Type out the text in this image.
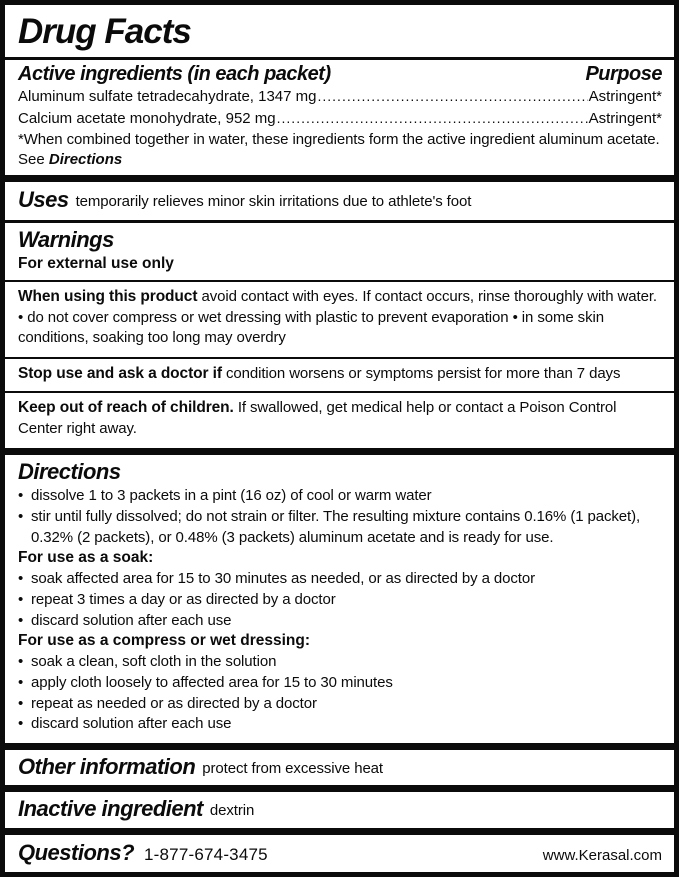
Drug Facts
Active ingredients (in each packet)	Purpose
Aluminum sulfate tetradecahydrate, 1347 mg .....	Astringent*
Calcium acetate monohydrate, 952 mg .....	Astringent*
*When combined together in water, these ingredients form the active ingredient aluminum acetate.
See Directions
Uses temporarily relieves minor skin irritations due to athlete's foot
Warnings
For external use only
When using this product avoid contact with eyes. If contact occurs, rinse thoroughly with water. • do not cover compress or wet dressing with plastic to prevent evaporation • in some skin conditions, soaking too long may overdry
Stop use and ask a doctor if condition worsens or symptoms persist for more than 7 days
Keep out of reach of children. If swallowed, get medical help or contact a Poison Control Center right away.
Directions
• dissolve 1 to 3 packets in a pint (16 oz) of cool or warm water
• stir until fully dissolved; do not strain or filter. The resulting mixture contains 0.16% (1 packet), 0.32% (2 packets), or 0.48% (3 packets) aluminum acetate and is ready for use.
For use as a soak:
• soak affected area for 15 to 30 minutes as needed, or as directed by a doctor
• repeat 3 times a day or as directed by a doctor
• discard solution after each use
For use as a compress or wet dressing:
• soak a clean, soft cloth in the solution
• apply cloth loosely to affected area for 15 to 30 minutes
• repeat as needed or as directed by a doctor
• discard solution after each use
Other information protect from excessive heat
Inactive ingredient dextrin
Questions? 1-877-674-3475	www.Kerasal.com
